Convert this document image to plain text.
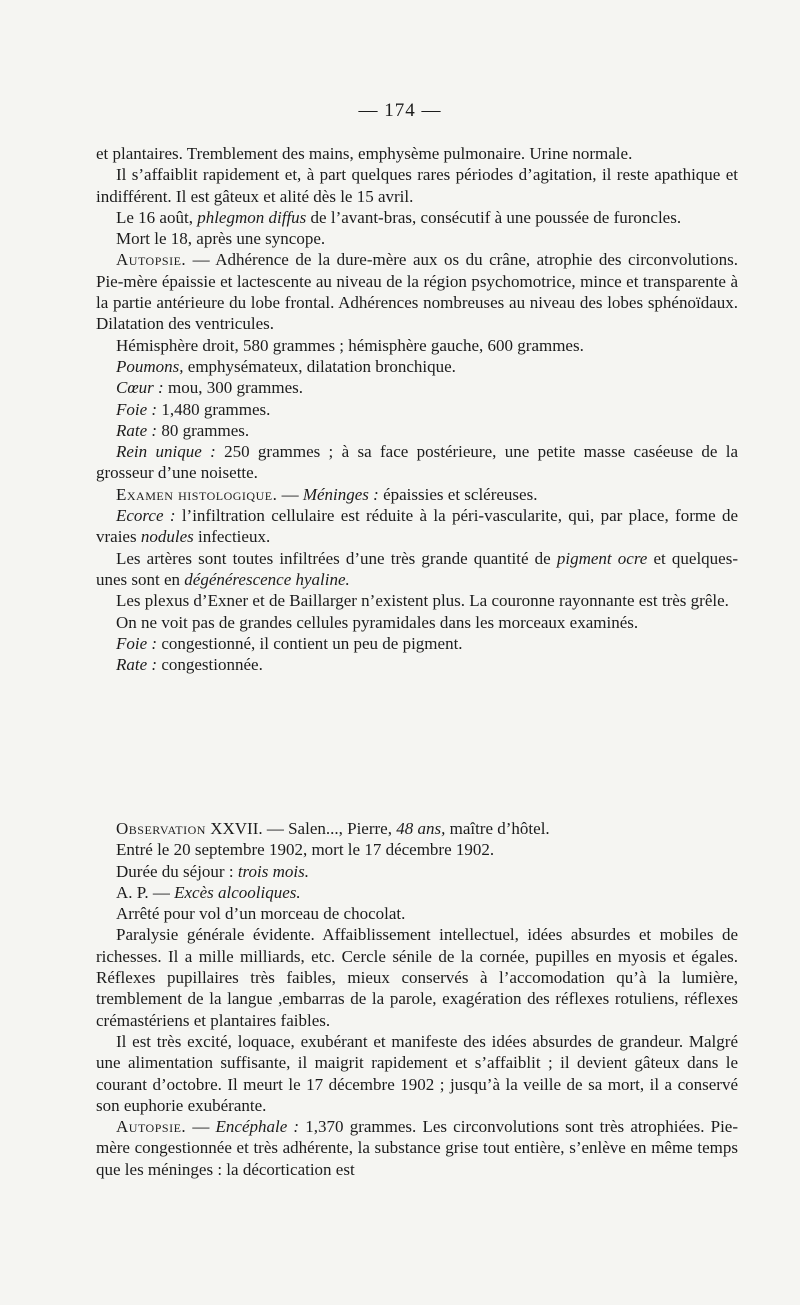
— 174 —

et plantaires. Tremblement des mains, emphysème pulmonaire. Urine normale.

Il s’affaiblit rapidement et, à part quelques rares périodes d’agitation, il reste apathique et indifférent. Il est gâteux et alité dès le 15 avril.

Le 16 août, phlegmon diffus de l’avant-bras, consécutif à une poussée de furoncles.

Mort le 18, après une syncope.

Autopsie. — Adhérence de la dure-mère aux os du crâne, atrophie des circonvolutions. Pie-mère épaissie et lactescente au niveau de la région psychomotrice, mince et transparente à la partie antérieure du lobe frontal. Adhérences nombreuses au niveau des lobes sphénoïdaux. Dilatation des ventricules.

Hémisphère droit, 580 grammes ; hémisphère gauche, 600 grammes.

Poumons, emphysémateux, dilatation bronchique.

Cœur : mou, 300 grammes.

Foie : 1,480 grammes.

Rate : 80 grammes.

Rein unique : 250 grammes ; à sa face postérieure, une petite masse caséeuse de la grosseur d’une noisette.

Examen histologique. — Méninges : épaissies et scléreuses.

Ecorce : l’infiltration cellulaire est réduite à la péri-vascularite, qui, par place, forme de vraies nodules infectieux.

Les artères sont toutes infiltrées d’une très grande quantité de pigment ocre et quelques-unes sont en dégénérescence hyaline.

Les plexus d’Exner et de Baillarger n’existent plus. La couronne rayonnante est très grêle.

On ne voit pas de grandes cellules pyramidales dans les morceaux examinés.

Foie : congestionné, il contient un peu de pigment.

Rate : congestionnée.

Observation XXVII. — Salen..., Pierre, 48 ans, maître d’hôtel.

Entré le 20 septembre 1902, mort le 17 décembre 1902.

Durée du séjour : trois mois.

A. P. — Excès alcooliques.

Arrêté pour vol d’un morceau de chocolat.

Paralysie générale évidente. Affaiblissement intellectuel, idées absurdes et mobiles de richesses. Il a mille milliards, etc. Cercle sénile de la cornée, pupilles en myosis et égales. Réflexes pupillaires très faibles, mieux conservés à l’accomodation qu’à la lumière, tremblement de la langue ,embarras de la parole, exagération des réflexes rotuliens, réflexes crémastériens et plantaires faibles.

Il est très excité, loquace, exubérant et manifeste des idées absurdes de grandeur. Malgré une alimentation suffisante, il maigrit rapidement et s’affaiblit ; il devient gâteux dans le courant d’octobre. Il meurt le 17 décembre 1902 ; jusqu’à la veille de sa mort, il a conservé son euphorie exubérante.

Autopsie. — Encéphale : 1,370 grammes. Les circonvolutions sont très atrophiées. Pie-mère congestionnée et très adhérente, la substance grise tout entière, s’enlève en même temps que les méninges : la décortication est
